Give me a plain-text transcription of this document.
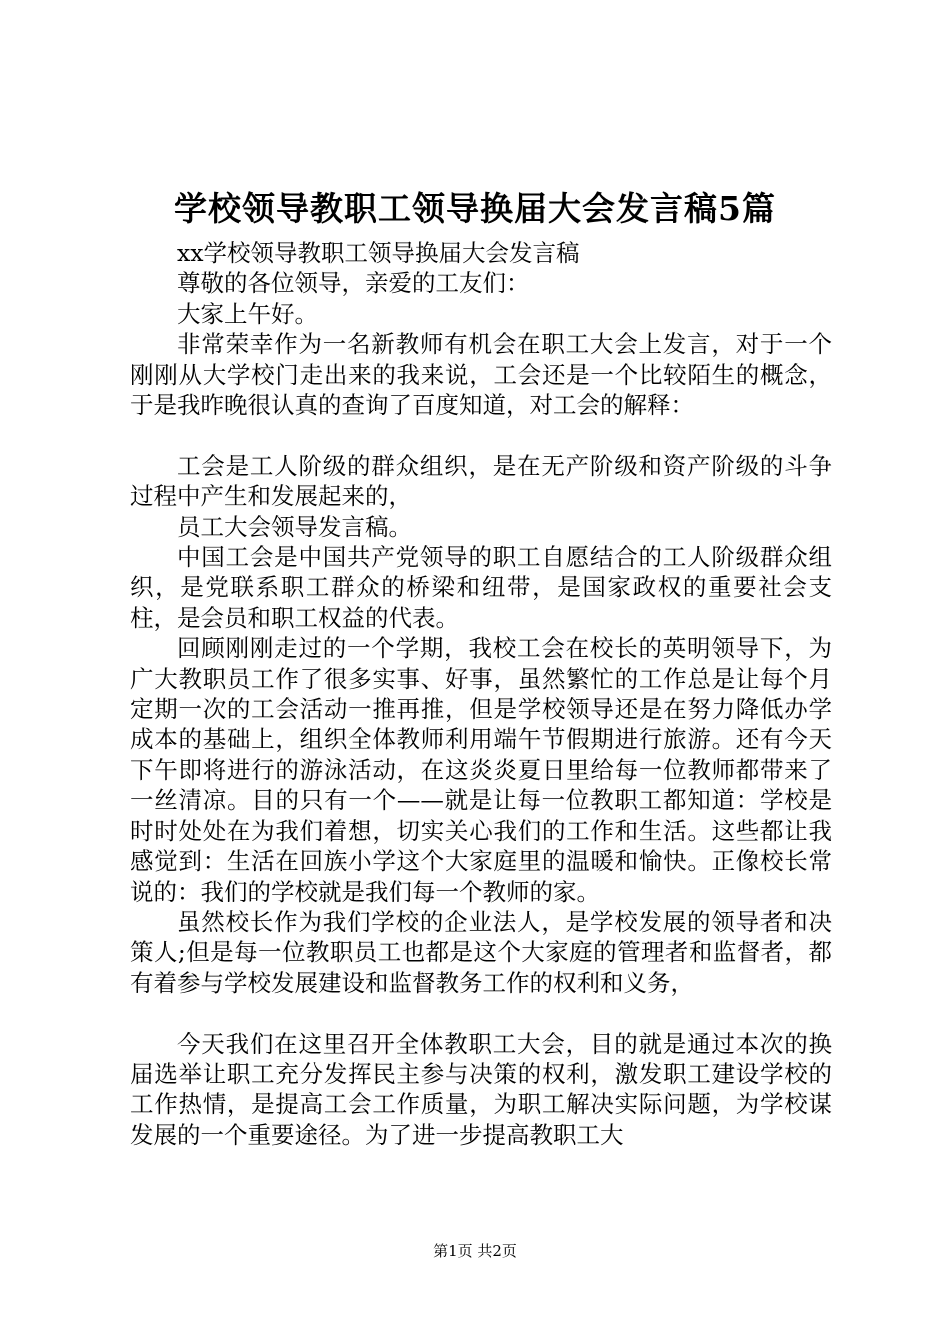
学校领导教职工领导换届大会发言稿5篇

xx学校领导教职工领导换届大会发言稿

尊敬的各位领导，亲爱的工友们：

大家上午好。

非常荣幸作为一名新教师有机会在职工大会上发言，对于一个刚刚从大学校门走出来的我来说，工会还是一个比较陌生的概念，于是我昨晚很认真的查询了百度知道，对工会的解释：

工会是工人阶级的群众组织，是在无产阶级和资产阶级的斗争过程中产生和发展起来的，

员工大会领导发言稿。

中国工会是中国共产党领导的职工自愿结合的工人阶级群众组织，是党联系职工群众的桥梁和纽带，是国家政权的重要社会支柱，是会员和职工权益的代表。

回顾刚刚走过的一个学期，我校工会在校长的英明领导下，为广大教职员工作了很多实事、好事，虽然繁忙的工作总是让每个月定期一次的工会活动一推再推，但是学校领导还是在努力降低办学成本的基础上，组织全体教师利用端午节假期进行旅游。还有今天下午即将进行的游泳活动，在这炎炎夏日里给每一位教师都带来了一丝清凉。目的只有一个——就是让每一位教职工都知道：学校是时时处处在为我们着想，切实关心我们的工作和生活。这些都让我感觉到：生活在回族小学这个大家庭里的温暖和愉快。正像校长常说的：我们的学校就是我们每一个教师的家。

虽然校长作为我们学校的企业法人，是学校发展的领导者和决策人;但是每一位教职员工也都是这个大家庭的管理者和监督者，都有着参与学校发展建设和监督教务工作的权利和义务，

今天我们在这里召开全体教职工大会，目的就是通过本次的换届选举让职工充分发挥民主参与决策的权利，激发职工建设学校的工作热情，是提高工会工作质量，为职工解决实际问题，为学校谋发展的一个重要途径。为了进一步提高教职工大

第1页 共2页
